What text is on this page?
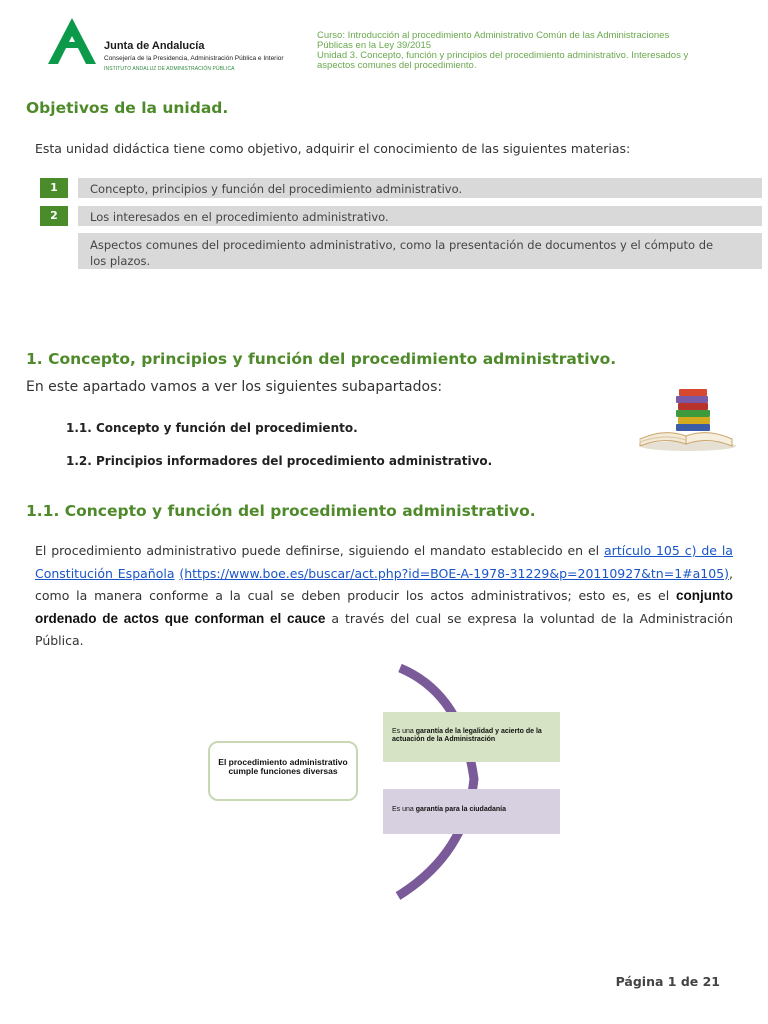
Junta de Andalucía
Consejería de la Presidencia, Administración Pública e Interior
INSTITUTO ANDALUZ DE ADMINISTRACIÓN PÚBLICA
Curso: Introducción al procedimiento Administrativo Común de las Administraciones
Públicas en la Ley 39/2015
Unidad 3. Concepto, función y principios del procedimiento administrativo. Interesados y
aspectos comunes del procedimiento.
Objetivos de la unidad.
Esta unidad didáctica tiene como objetivo, adquirir el conocimiento de las siguientes materias:
1	Concepto, principios y función del procedimiento administrativo.
2	Los interesados en el procedimiento administrativo.
Aspectos comunes del procedimiento administrativo, como la presentación de documentos y el cómputo de los plazos.
1. Concepto, principios y función del procedimiento administrativo.
En este apartado vamos a ver los siguientes subapartados:
1.1. Concepto y función del procedimiento.
1.2. Principios informadores del procedimiento administrativo.
1.1. Concepto y función del procedimiento administrativo.
El procedimiento administrativo puede definirse, siguiendo el mandato establecido en el artículo 105 c) de la Constitución Española (https://www.boe.es/buscar/act.php?id=BOE-A-1978-31229&p=20110927&tn=1#a105), como la manera conforme a la cual se deben producir los actos administrativos; esto es, es el conjunto ordenado de actos que conforman el cauce a través del cual se expresa la voluntad de la Administración Pública.
El procedimiento administrativo cumple funciones diversas
Es una garantía de la legalidad y acierto de la actuación de la Administración
Es una garantía para la ciudadanía
Página 1 de 21
